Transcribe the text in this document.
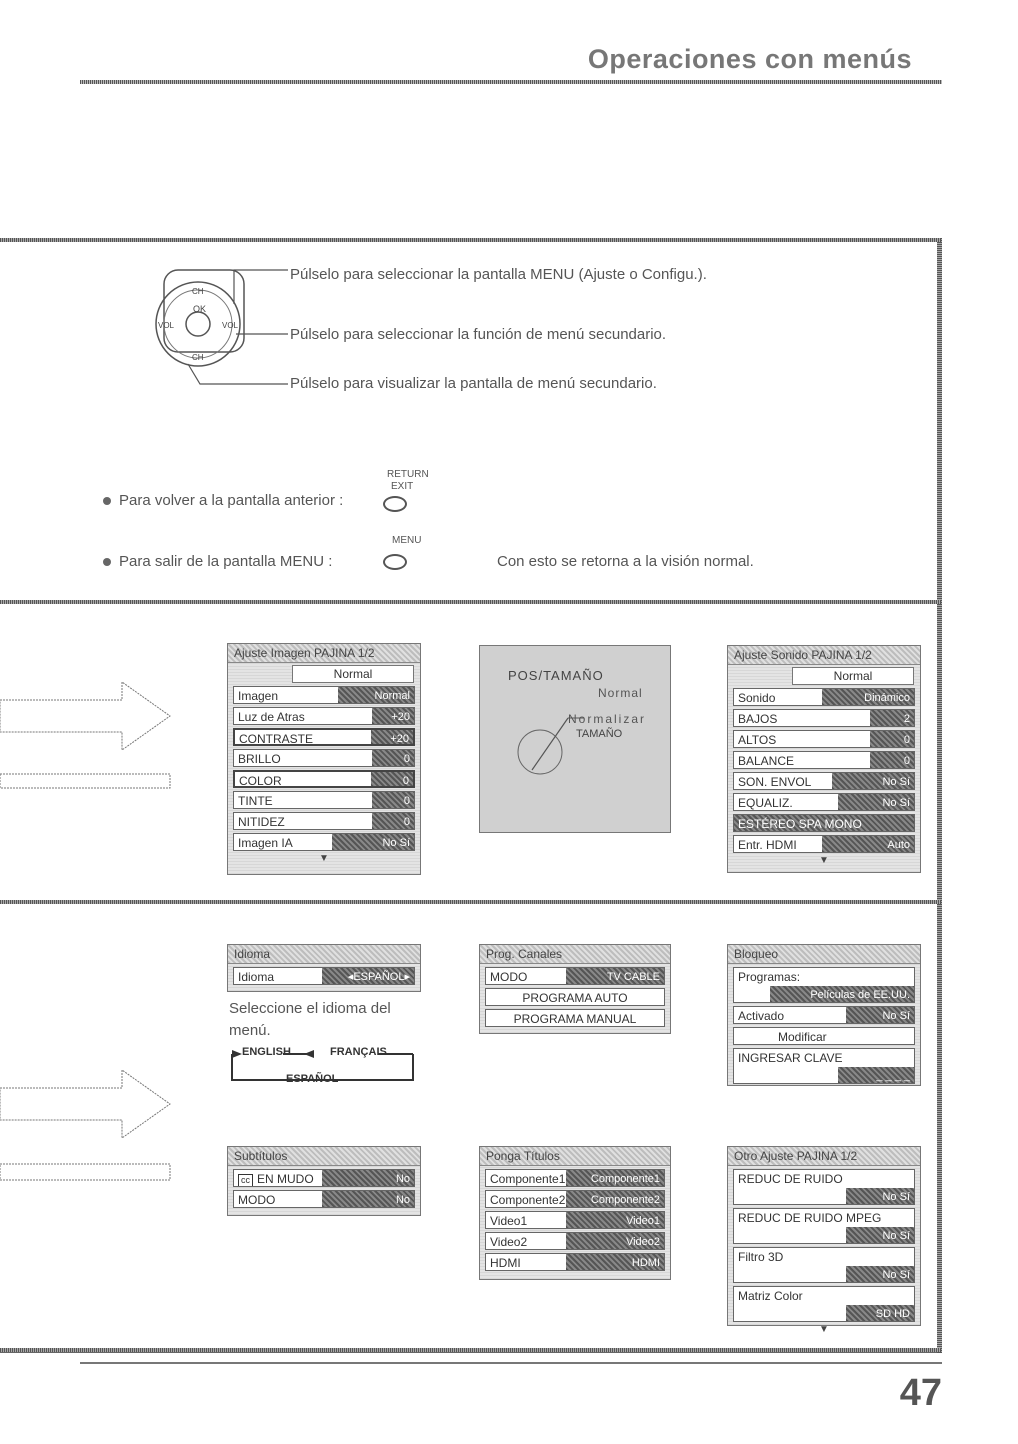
Operaciones con menús
OK
VOL	VOL
CH
CH
Púlselo para seleccionar la pantalla MENU (Ajuste o Configu.).
Púlselo para seleccionar la función de menú secundario.
Púlselo para visualizar la pantalla de menú secundario.
RETURN
EXIT
Para volver a la pantalla anterior :
MENU
Para salir de la pantalla MENU :	Con esto se retorna a la visión normal.
Ajuste Imagen PAJINA 1/2
Normal
Imagen	Normal
Luz de Atras	+20
CONTRASTE	+20
BRILLO	0
COLOR	0
TINTE	0
NITIDEZ	0
Imagen IA	No Sí
▼
POS/TAMAÑO
Normal
Normalizar
TAMAÑO
Ajuste Sonido PAJINA 1/2
Normal
Sonido	Dinámico
BAJOS	2
ALTOS	0
BALANCE	0
SON. ENVOL	No Sí
EQUALIZ.	No Sí
ESTÉREO SPA MONO
Entr. HDMI	Auto
▼
Idioma
Idioma	◂ESPAÑOL▸
Seleccione el idioma del
menú.
ENGLISH	FRANÇAIS
ESPAÑOL
Prog. Canales
MODO	TV CABLE
PROGRAMA AUTO
PROGRAMA MANUAL
Bloqueo
Programas:
Películas de EE.UU.
Activado	No Sí
Modificar
INGRESAR CLAVE
_ _ _ _
Subtítulos
cc EN MUDO	No
MODO	No
Ponga Títulos
Componente1	Componente1
Componente2	Componente2
Video1	Video1
Video2	Video2
HDMI	HDMI
Otro Ajuste PAJINA 1/2
REDUC DE RUIDO
No Sí
REDUC DE RUIDO MPEG
No Sí
Filtro 3D
No Sí
Matriz Color
SD HD
▼
47
